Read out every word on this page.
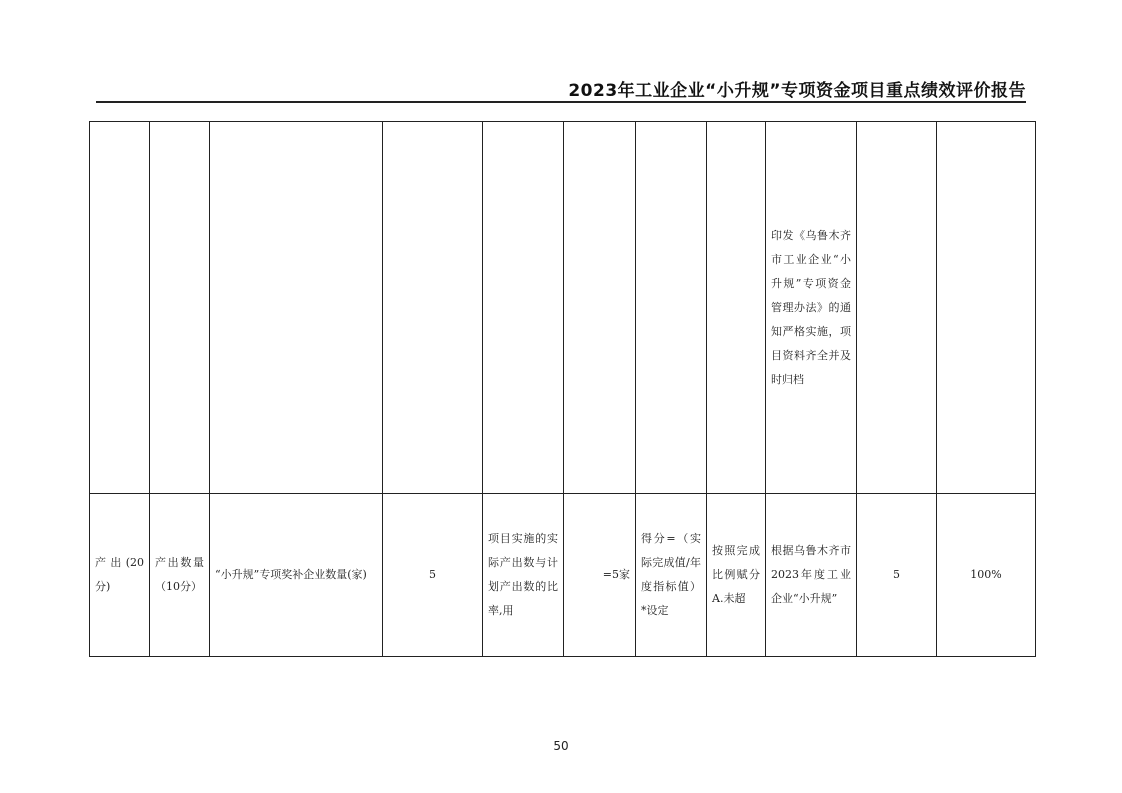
2023年工业企业“小升规”专项资金项目重点绩效评价报告
								印发《乌鲁木齐市工业企业“小升规”专项资金管理办法》的通知严格实施，项目资料齐全并及时归档		
产出(20分)	产出数量（10分）	“小升规”专项奖补企业数量(家)	5	项目实施的实际产出数与计划产出数的比率,用	=5家	得分=（实际完成值/年度指标值）*设定	按照完成比例赋分 A.未超	根据乌鲁木齐市2023年度工业企业“小升规”	5	100%
50
